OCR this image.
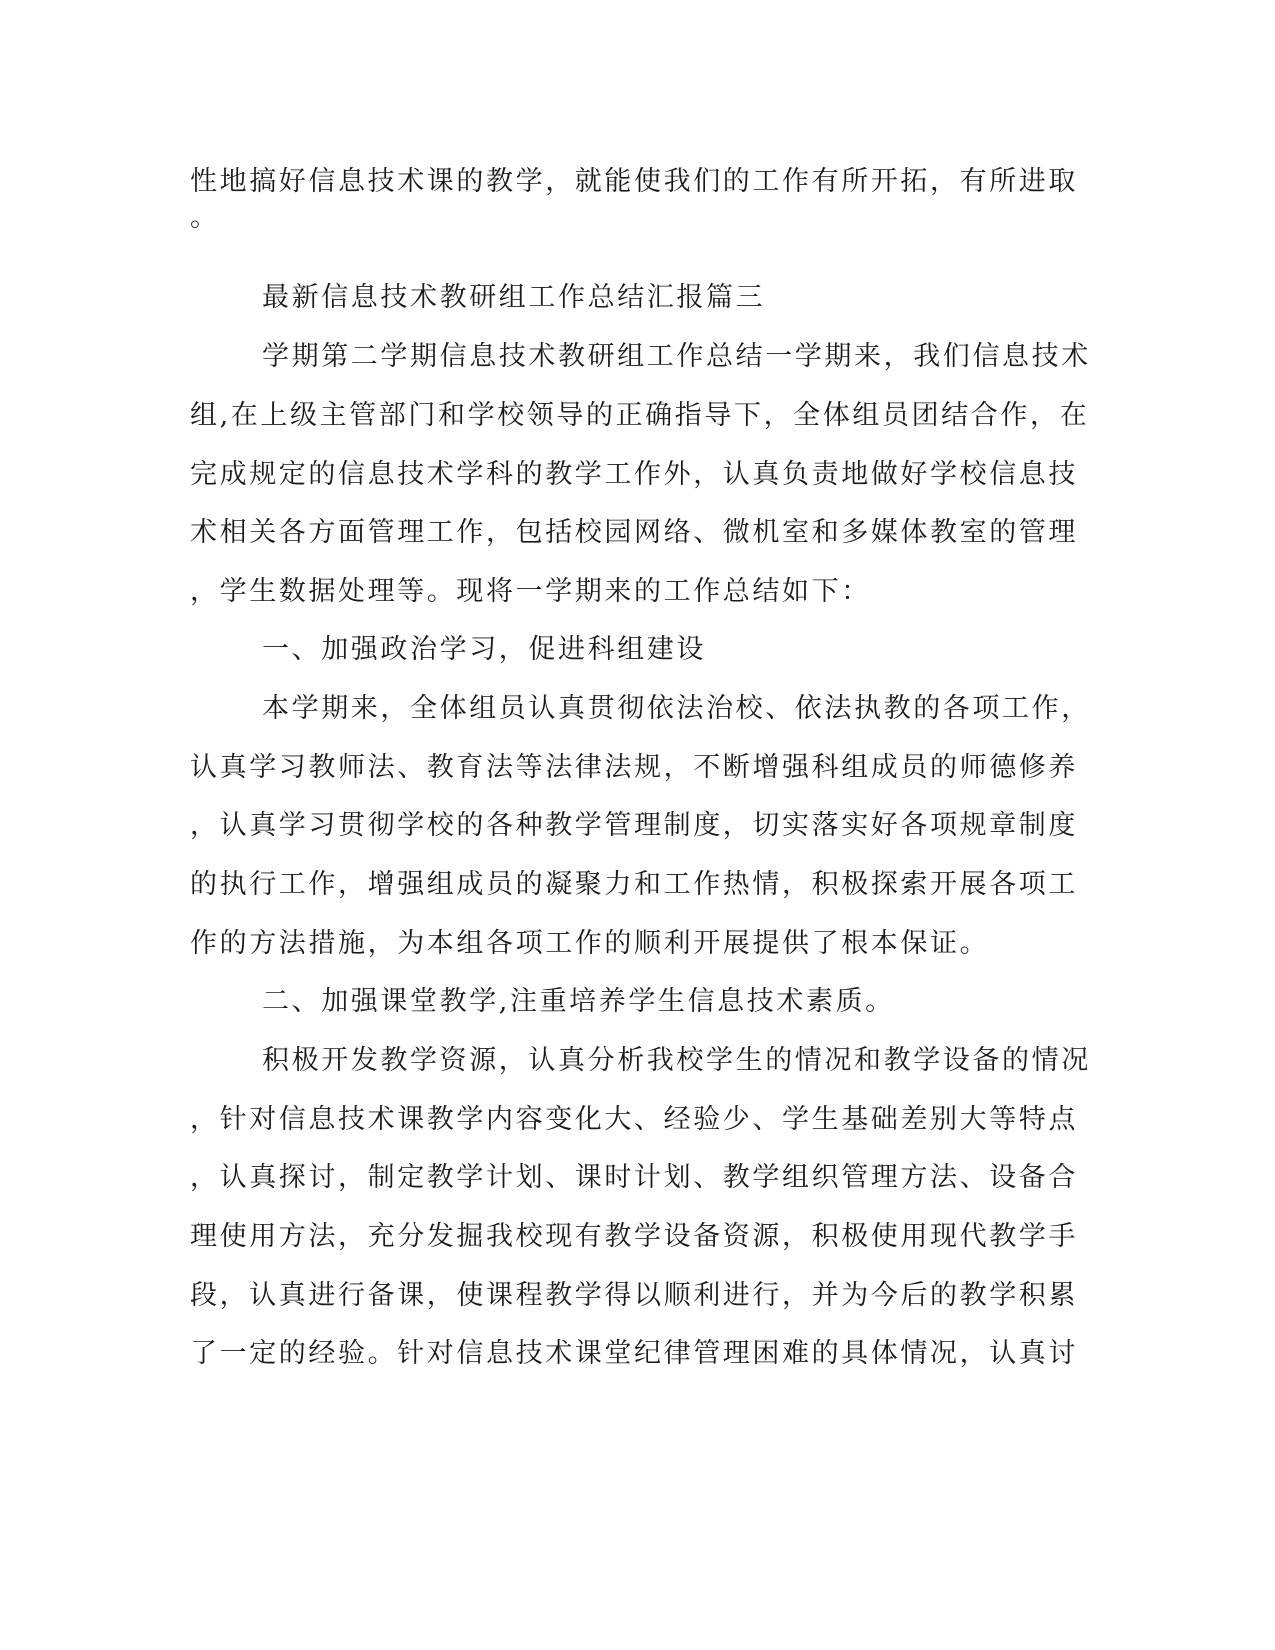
性地搞好信息技术课的教学，就能使我们的工作有所开拓，有所进取

。

最新信息技术教研组工作总结汇报篇三

学期第二学期信息技术教研组工作总结一学期来，我们信息技术

组,在上级主管部门和学校领导的正确指导下，全体组员团结合作，在

完成规定的信息技术学科的教学工作外，认真负责地做好学校信息技

术相关各方面管理工作，包括校园网络、微机室和多媒体教室的管理

，学生数据处理等。现将一学期来的工作总结如下：

一、加强政治学习，促进科组建设

本学期来，全体组员认真贯彻依法治校、依法执教的各项工作，

认真学习教师法、教育法等法律法规，不断增强科组成员的师德修养

，认真学习贯彻学校的各种教学管理制度，切实落实好各项规章制度

的执行工作，增强组成员的凝聚力和工作热情，积极探索开展各项工

作的方法措施，为本组各项工作的顺利开展提供了根本保证。

二、加强课堂教学,注重培养学生信息技术素质。

积极开发教学资源，认真分析我校学生的情况和教学设备的情况

，针对信息技术课教学内容变化大、经验少、学生基础差别大等特点

，认真探讨，制定教学计划、课时计划、教学组织管理方法、设备合

理使用方法，充分发掘我校现有教学设备资源，积极使用现代教学手

段，认真进行备课，使课程教学得以顺利进行，并为今后的教学积累

了一定的经验。针对信息技术课堂纪律管理困难的具体情况，认真讨
